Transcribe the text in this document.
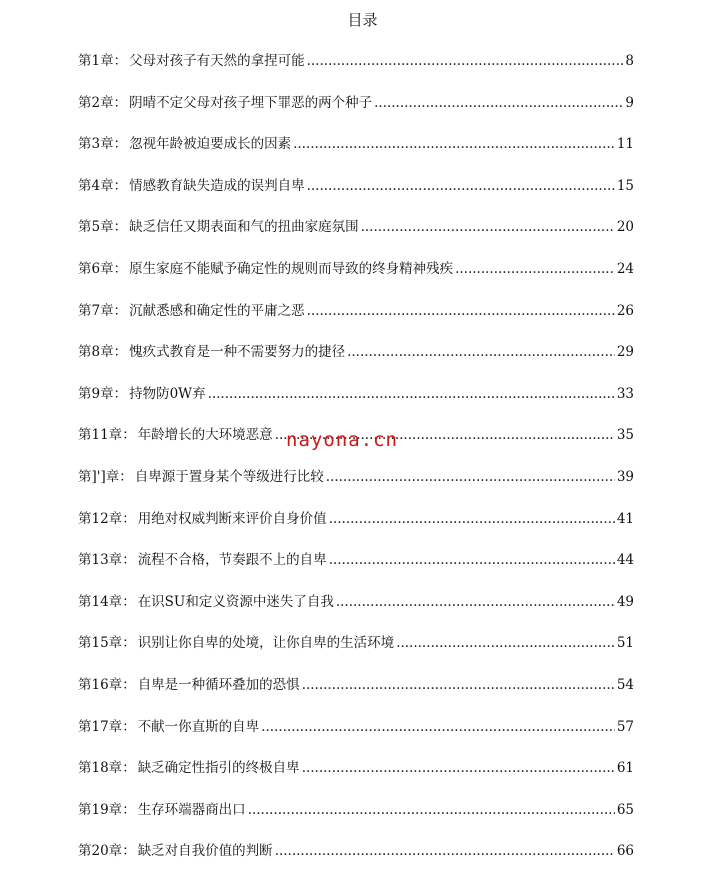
目录
第1章 ： 父母对孩子有天然的拿捏可能 .....	8
第2章 ： 阴晴不定父母对孩子埋下罪恶的两个种子 .....	9
第3章 ： 忽视年龄被迫要成长的因素 .....	11
第4章 ： 情感教育缺失造成的误判自卑 .....	15
第5章 ： 缺乏信任又期表面和气的扭曲家庭氛围 .....	20
第6章 ： 原生家庭不能赋予确定性的规则而导致的终身精神残疾 .....	24
第7章 ： 沉献悉感和确定性的平庸之恶 .....	26
第8章 ： 愧疚式教育是一种不需要努力的捷径 .....	29
第9章 ： 持物防0W弃 .....	33
第11章 ： 年龄增长的大环境恶意 .....	35
第]']章 ： 自卑源于置身某个等级进行比较 .....	39
第12章 ： 用绝对权威判断来评价自身价值 .....	41
第13章 ： 流程不合格，节奏跟不上的自卑 .....	44
第14章 ： 在识SU和定义资源中迷失了自我 .....	49
第15章 ： 识别让你自卑的处境，让你自卑的生活环境 .....	51
第16章 ： 自卑是一种循环叠加的恐惧 .....	54
第17章 ： 不献一你直斯的自卑 .....	57
第18章 ： 缺乏确定性指引的终极自卑 .....	61
第19章 ： 生存环端器商出口 .....	65
第20章 ： 缺乏对自我价值的判断 .....	66
nayona.cn
